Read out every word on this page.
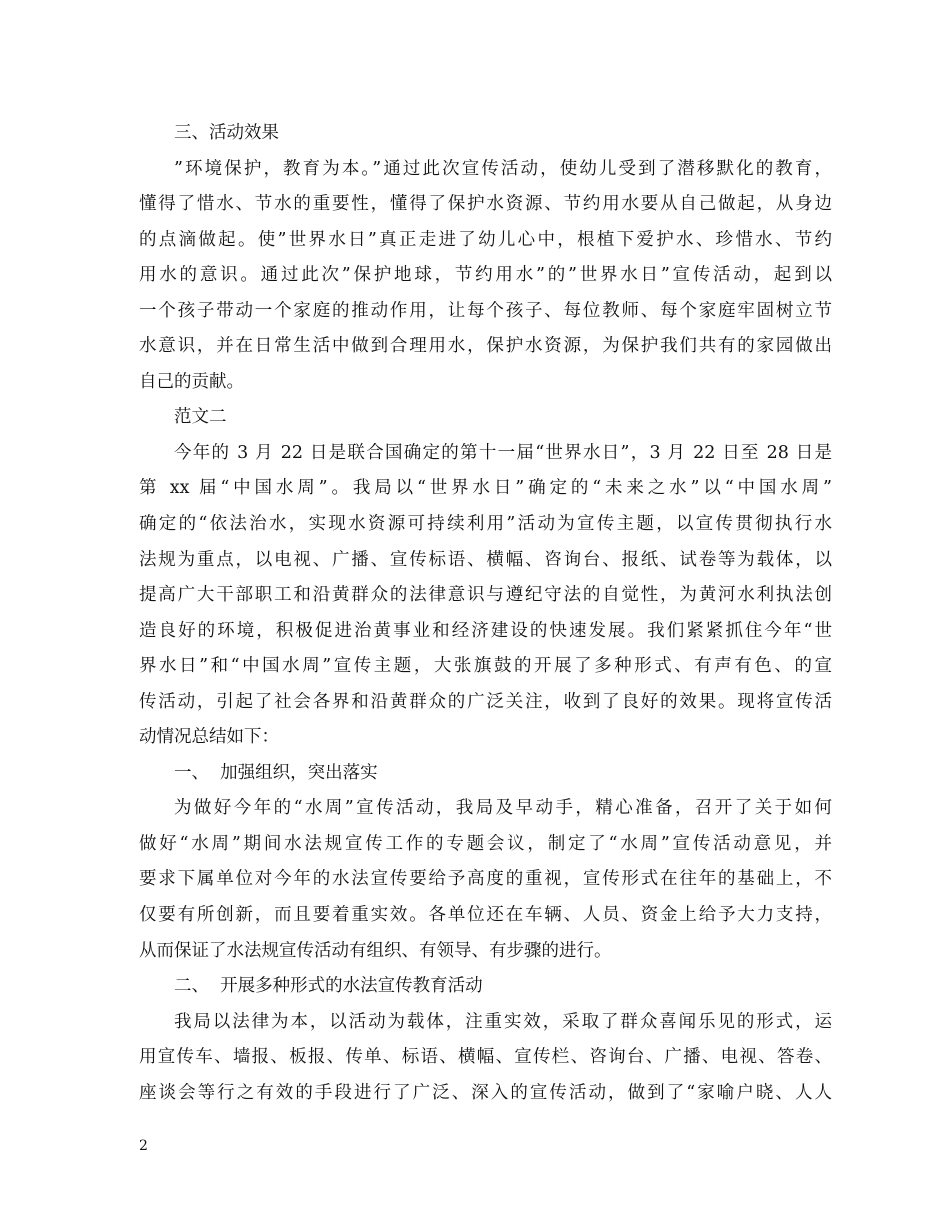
三、活动效果
”环境保护，教育为本。”通过此次宣传活动，使幼儿受到了潜移默化的教育，
懂得了惜水、节水的重要性，懂得了保护水资源、节约用水要从自己做起，从身边
的点滴做起。使”世界水日”真正走进了幼儿心中，根植下爱护水、珍惜水、节约
用水的意识。通过此次”保护地球，节约用水”的”世界水日”宣传活动，起到以
一个孩子带动一个家庭的推动作用，让每个孩子、每位教师、每个家庭牢固树立节
水意识，并在日常生活中做到合理用水，保护水资源，为保护我们共有的家园做出
自己的贡献。
范文二
今年的 3 月 22 日是联合国确定的第十一届“世界水日”，3 月 22 日至 28 日是
第 xx 届“中国水周”。我局以“世界水日”确定的“未来之水”以“中国水周”
确定的“依法治水，实现水资源可持续利用”活动为宣传主题，以宣传贯彻执行水
法规为重点，以电视、广播、宣传标语、横幅、咨询台、报纸、试卷等为载体，以
提高广大干部职工和沿黄群众的法律意识与遵纪守法的自觉性，为黄河水利执法创
造良好的环境，积极促进治黄事业和经济建设的快速发展。我们紧紧抓住今年“世
界水日”和“中国水周”宣传主题，大张旗鼓的开展了多种形式、有声有色、的宣
传活动，引起了社会各界和沿黄群众的广泛关注，收到了良好的效果。现将宣传活
动情况总结如下：
一、  加强组织，突出落实
为做好今年的“水周”宣传活动，我局及早动手，精心准备，召开了关于如何
做好“水周”期间水法规宣传工作的专题会议，制定了“水周”宣传活动意见，并
要求下属单位对今年的水法宣传要给予高度的重视，宣传形式在往年的基础上，不
仅要有所创新，而且要着重实效。各单位还在车辆、人员、资金上给予大力支持，
从而保证了水法规宣传活动有组织、有领导、有步骤的进行。
二、  开展多种形式的水法宣传教育活动
我局以法律为本，以活动为载体，注重实效，采取了群众喜闻乐见的形式，运
用宣传车、墙报、板报、传单、标语、横幅、宣传栏、咨询台、广播、电视、答卷、
座谈会等行之有效的手段进行了广泛、深入的宣传活动，做到了“家喻户晓、人人
2
